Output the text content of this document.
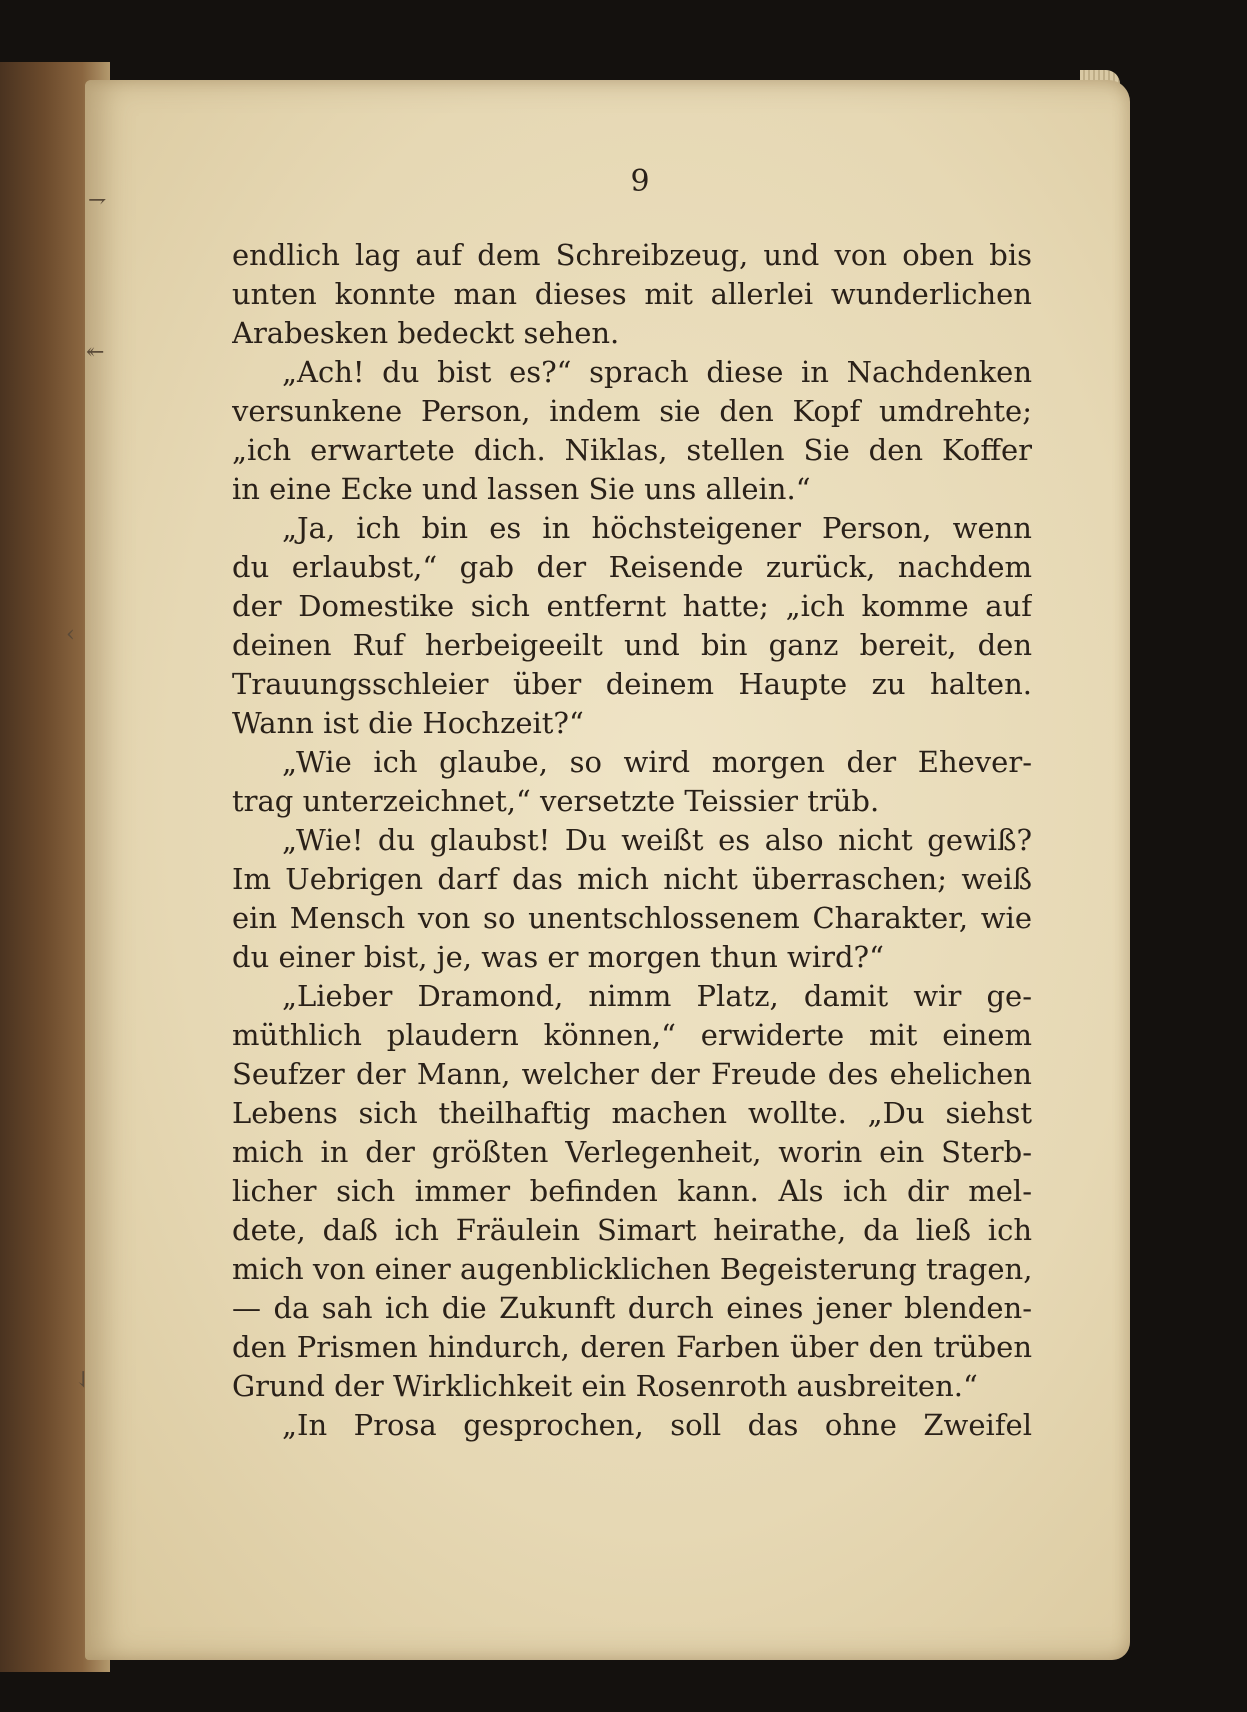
⇁
↞
‹
⇃
9
endlich lag auf dem Schreibzeug, und von oben bis
unten konnte man dieses mit allerlei wunderlichen
Arabesken bedeckt sehen.
„Ach! du bist es?“ sprach diese in Nachdenken
versunkene Person, indem sie den Kopf umdrehte;
„ich erwartete dich. Niklas, stellen Sie den Koffer
in eine Ecke und lassen Sie uns allein.“
„Ja, ich bin es in höchsteigener Person, wenn
du erlaubst,“ gab der Reisende zurück, nachdem
der Domestike sich entfernt hatte; „ich komme auf
deinen Ruf herbeigeeilt und bin ganz bereit, den
Trauungsschleier über deinem Haupte zu halten.
Wann ist die Hochzeit?“
„Wie ich glaube, so wird morgen der Ehever-
trag unterzeichnet,“ versetzte Teissier trüb.
„Wie! du glaubst! Du weißt es also nicht gewiß?
Im Uebrigen darf das mich nicht überraschen; weiß
ein Mensch von so unentschlossenem Charakter, wie
du einer bist, je, was er morgen thun wird?“
„Lieber Dramond, nimm Platz, damit wir ge-
müthlich plaudern können,“ erwiderte mit einem
Seufzer der Mann, welcher der Freude des ehelichen
Lebens sich theilhaftig machen wollte. „Du siehst
mich in der größten Verlegenheit, worin ein Sterb-
licher sich immer befinden kann. Als ich dir mel-
dete, daß ich Fräulein Simart heirathe, da ließ ich
mich von einer augenblicklichen Begeisterung tragen,
— da sah ich die Zukunft durch eines jener blenden-
den Prismen hindurch, deren Farben über den trüben
Grund der Wirklichkeit ein Rosenroth ausbreiten.“
„In Prosa gesprochen, soll das ohne Zweifel
